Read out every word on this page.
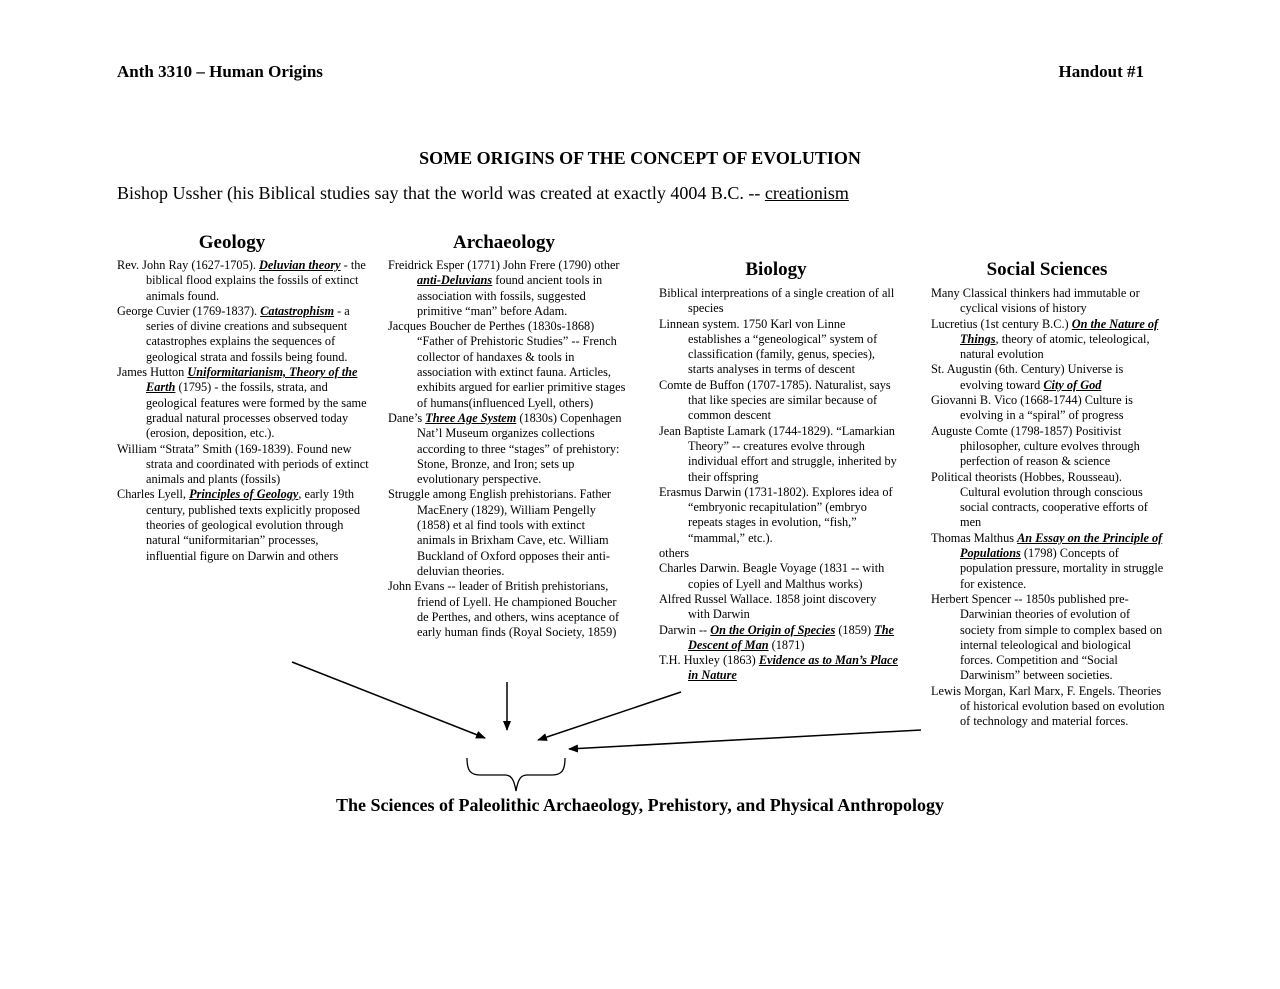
Anth 3310 – Human Origins	Handout #1
SOME ORIGINS OF THE CONCEPT OF EVOLUTION
Bishop Ussher (his Biblical studies say that the world was created at exactly 4004 B.C. -- creationism
Geology	Archaeology
Biology	Social Sciences

Rev. John Ray (1627-1705). Deluvian theory - the biblical flood explains the fossils of extinct animals found.

George Cuvier (1769-1837). Catastrophism - a series of divine creations and subsequent catastrophes explains the sequences of geological strata and fossils being found.

James Hutton Uniformitarianism, Theory of the Earth (1795) - the fossils, strata, and geological features were formed by the same gradual natural processes observed today (erosion, deposition, etc.).

William “Strata” Smith (169-1839). Found new strata and coordinated with periods of extinct animals and plants (fossils)

Charles Lyell, Principles of Geology, early 19th century, published texts explicitly proposed theories of geological evolution through natural “uniformitarian” processes, influential figure on Darwin and others

Freidrick Esper (1771) John Frere (1790) other anti-Deluvians found ancient tools in association with fossils, suggested primitive “man” before Adam.

Jacques Boucher de Perthes (1830s-1868) “Father of Prehistoric Studies” -- French collector of handaxes & tools in association with extinct fauna. Articles, exhibits argued for earlier primitive stages of humans(influenced Lyell, others)

Dane’s Three Age System (1830s) Copenhagen Nat’l Museum organizes collections according to three “stages” of prehistory: Stone, Bronze, and Iron; sets up evolutionary perspective.

Struggle among English prehistorians. Father MacEnery (1829), William Pengelly (1858) et al find tools with extinct animals in Brixham Cave, etc. William Buckland of Oxford opposes their anti-deluvian theories.

John Evans -- leader of British prehistorians, friend of Lyell. He championed Boucher de Perthes, and others, wins aceptance of early human finds (Royal Society, 1859)

Biblical interpreations of a single creation of all species

Linnean system. 1750 Karl von Linne establishes a “geneological” system of classification (family, genus, species), starts analyses in terms of descent

Comte de Buffon (1707-1785). Naturalist, says that like species are similar because of common descent

Jean Baptiste Lamark (1744-1829). “Lamarkian Theory” -- creatures evolve through individual effort and struggle, inherited by their offspring

Erasmus Darwin (1731-1802). Explores idea of “embryonic recapitulation” (embryo repeats stages in evolution, “fish,” “mammal,” etc.).

others

Charles Darwin. Beagle Voyage (1831 -- with copies of Lyell and Malthus works)

Alfred Russel Wallace. 1858 joint discovery with Darwin

Darwin -- On the Origin of Species (1859) The Descent of Man (1871)

T.H. Huxley (1863) Evidence as to Man’s Place in Nature

Many Classical thinkers had immutable or cyclical visions of history

Lucretius (1st century B.C.) On the Nature of Things, theory of atomic, teleological, natural evolution

St. Augustin (6th. Century) Universe is evolving toward City of God

Giovanni B. Vico (1668-1744) Culture is evolving in a “spiral” of progress

Auguste Comte (1798-1857) Positivist philosopher, culture evolves through perfection of reason & science

Political theorists (Hobbes, Rousseau). Cultural evolution through conscious social contracts, cooperative efforts of men

Thomas Malthus An Essay on the Principle of Populations (1798) Concepts of population pressure, mortality in struggle for existence.

Herbert Spencer -- 1850s published pre-Darwinian theories of evolution of society from simple to complex based on internal teleological and biological forces. Competition and “Social Darwinism” between societies.

Lewis Morgan, Karl Marx, F. Engels. Theories of historical evolution based on evolution of technology and material forces.

The Sciences of Paleolithic Archaeology, Prehistory, and Physical Anthropology
